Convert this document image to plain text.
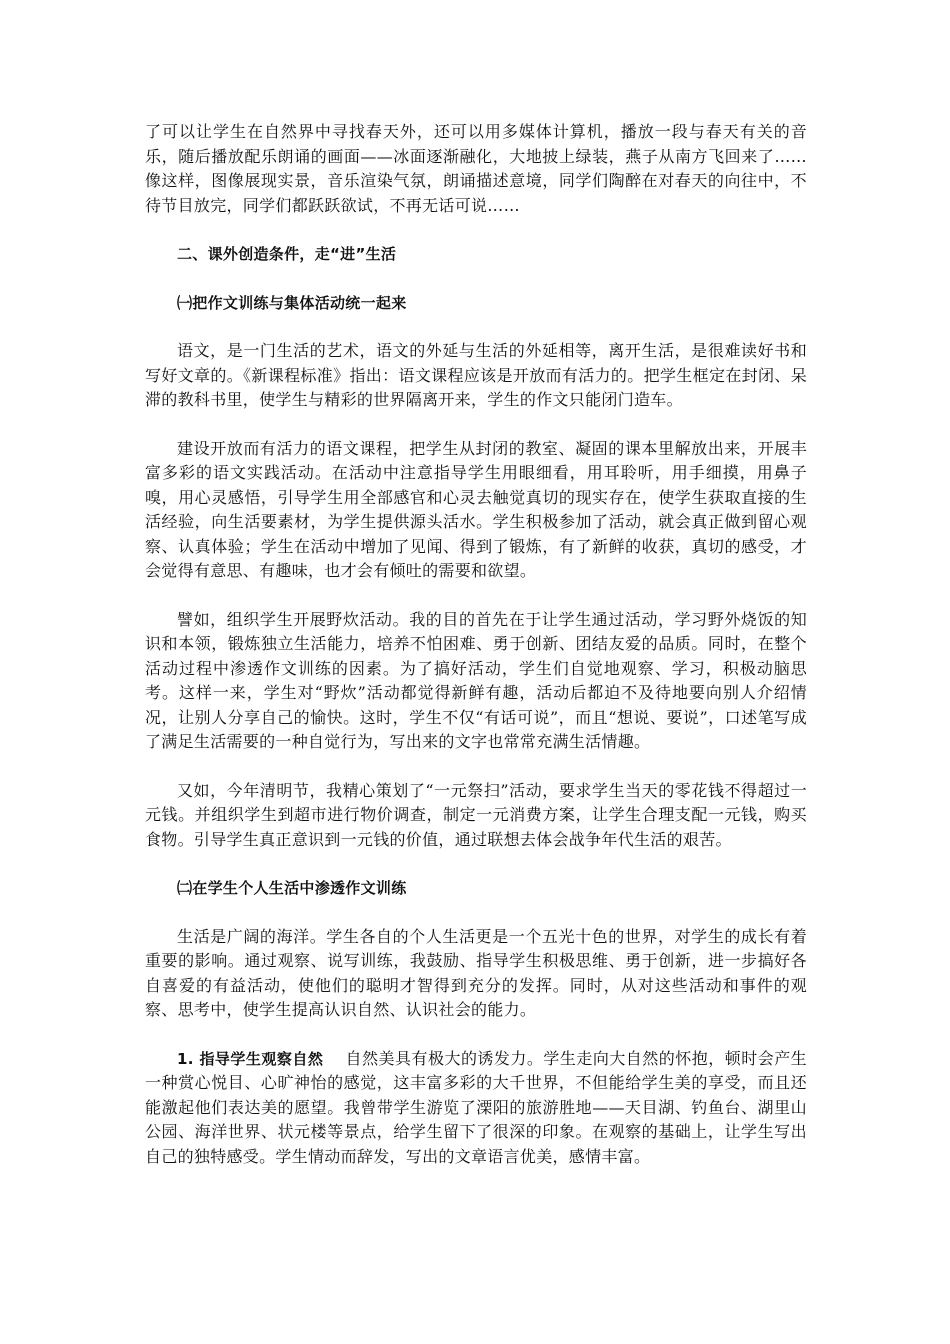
了可以让学生在自然界中寻找春天外，还可以用多媒体计算机，播放一段与春天有关的音乐，随后播放配乐朗诵的画面——冰面逐渐融化，大地披上绿装，燕子从南方飞回来了……像这样，图像展现实景，音乐渲染气氛，朗诵描述意境，同学们陶醉在对春天的向往中，不待节目放完，同学们都跃跃欲试，不再无话可说……

二、课外创造条件，走“进”生活

㈠把作文训练与集体活动统一起来

语文，是一门生活的艺术，语文的外延与生活的外延相等，离开生活，是很难读好书和写好文章的。《新课程标准》指出：语文课程应该是开放而有活力的。把学生框定在封闭、呆滞的教科书里，使学生与精彩的世界隔离开来，学生的作文只能闭门造车。

建设开放而有活力的语文课程，把学生从封闭的教室、凝固的课本里解放出来，开展丰富多彩的语文实践活动。在活动中注意指导学生用眼细看，用耳聆听，用手细摸，用鼻子嗅，用心灵感悟，引导学生用全部感官和心灵去触觉真切的现实存在，使学生获取直接的生活经验，向生活要素材，为学生提供源头活水。学生积极参加了活动，就会真正做到留心观察、认真体验；学生在活动中增加了见闻、得到了锻炼，有了新鲜的收获，真切的感受，才会觉得有意思、有趣味，也才会有倾吐的需要和欲望。

譬如，组织学生开展野炊活动。我的目的首先在于让学生通过活动，学习野外烧饭的知识和本领，锻炼独立生活能力，培养不怕困难、勇于创新、团结友爱的品质。同时，在整个活动过程中渗透作文训练的因素。为了搞好活动，学生们自觉地观察、学习，积极动脑思考。这样一来，学生对“野炊”活动都觉得新鲜有趣，活动后都迫不及待地要向别人介绍情况，让别人分享自己的愉快。这时，学生不仅“有话可说”，而且“想说、要说”，口述笔写成了满足生活需要的一种自觉行为，写出来的文字也常常充满生活情趣。

又如，今年清明节，我精心策划了“一元祭扫”活动，要求学生当天的零花钱不得超过一元钱。并组织学生到超市进行物价调查，制定一元消费方案，让学生合理支配一元钱，购买食物。引导学生真正意识到一元钱的价值，通过联想去体会战争年代生活的艰苦。

㈡在学生个人生活中渗透作文训练

生活是广阔的海洋。学生各自的个人生活更是一个五光十色的世界，对学生的成长有着重要的影响。通过观察、说写训练，我鼓励、指导学生积极思维、勇于创新，进一步搞好各自喜爱的有益活动，使他们的聪明才智得到充分的发挥。同时，从对这些活动和事件的观察、思考中，使学生提高认识自然、认识社会的能力。

1. 指导学生观察自然 自然美具有极大的诱发力。学生走向大自然的怀抱，顿时会产生一种赏心悦目、心旷神怡的感觉，这丰富多彩的大千世界，不但能给学生美的享受，而且还能激起他们表达美的愿望。我曾带学生游览了溧阳的旅游胜地——天目湖、钓鱼台、湖里山公园、海洋世界、状元楼等景点，给学生留下了很深的印象。在观察的基础上，让学生写出自己的独特感受。学生情动而辞发，写出的文章语言优美，感情丰富。
